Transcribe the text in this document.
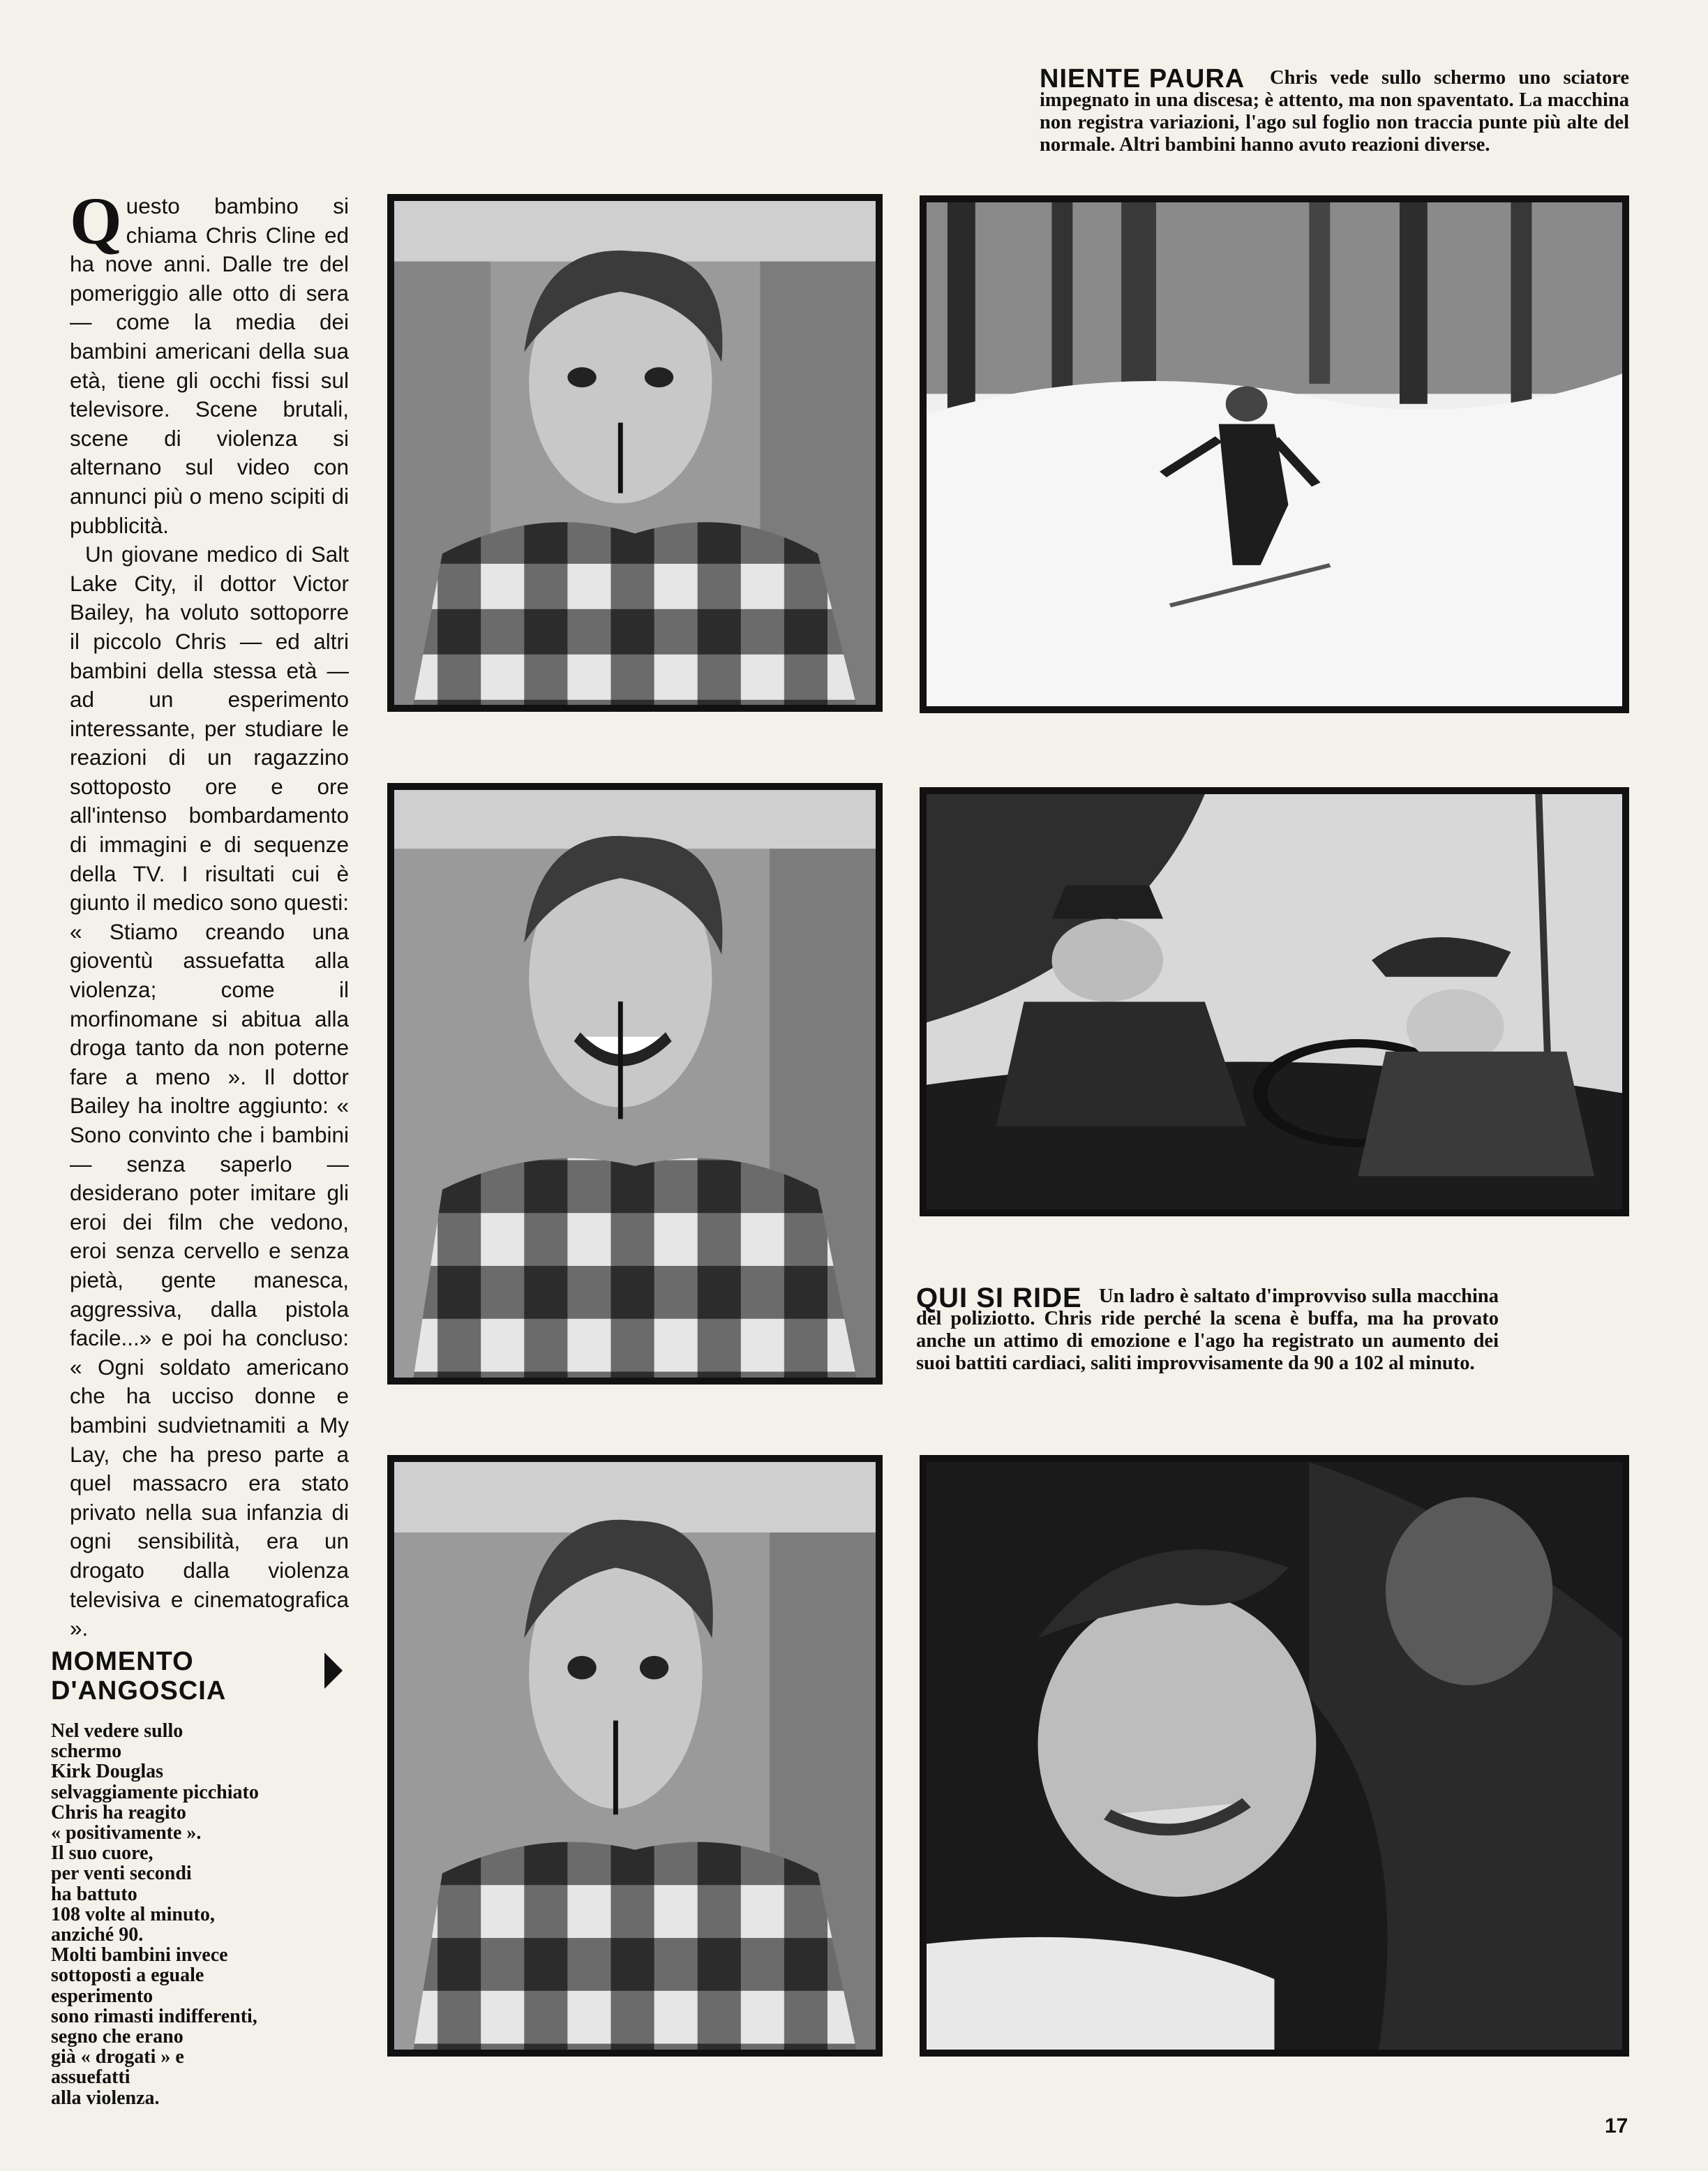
NIENTE PAURA	Chris vede sullo schermo uno sciatore impegnato in una discesa; è attento, ma non spaventato. La macchina non registra variazioni, l'ago sul foglio non traccia punte più alte del normale. Altri bambini hanno avuto reazioni diverse.

Questo bambino si chiama Chris Cline ed ha nove anni. Dalle tre del pomeriggio alle otto di sera — come la media dei bambini americani della sua età, tiene gli occhi fissi sul televisore. Scene brutali, scene di violenza si alternano sul video con annunci più o meno scipiti di pubblicità.

Un giovane medico di Salt Lake City, il dottor Victor Bailey, ha voluto sottoporre il piccolo Chris — ed altri bambini della stessa età — ad un esperimento interessante, per studiare le reazioni di un ragazzino sottoposto ore e ore all'intenso bombardamento di immagini e di sequenze della TV. I risultati cui è giunto il medico sono questi: « Stiamo creando una gioventù assuefatta alla violenza; come il morfinomane si abitua alla droga tanto da non poterne fare a meno ». Il dottor Bailey ha inoltre aggiunto: « Sono convinto che i bambini — senza saperlo — desiderano poter imitare gli eroi dei film che vedono, eroi senza cervello e senza pietà, gente manesca, aggressiva, dalla pistola facile...» e poi ha concluso: « Ogni soldato americano che ha ucciso donne e bambini sudvietnamiti a My Lay, che ha preso parte a quel massacro era stato privato nella sua infanzia di ogni sensibilità, era un drogato dalla violenza televisiva e cinematografica ».

QUI SI RIDE Un ladro è saltato d'improvviso sulla macchina del poliziotto. Chris ride perché la scena è buffa, ma ha provato anche un attimo di emozione e l'ago ha registrato un aumento dei suoi battiti cardiaci, saliti improvvisamente da 90 a 102 al minuto.
MOMENTO
D'ANGOSCIA
Nel vedere sullo
schermo
Kirk Douglas
selvaggiamente picchiato
Chris ha reagito
« positivamente ».
Il suo cuore,
per venti secondi
ha battuto
108 volte al minuto,
anziché 90.
Molti bambini invece
sottoposti a eguale
esperimento
sono rimasti indifferenti,
segno che erano
già « drogati » e
assuefatti
alla violenza.
17
